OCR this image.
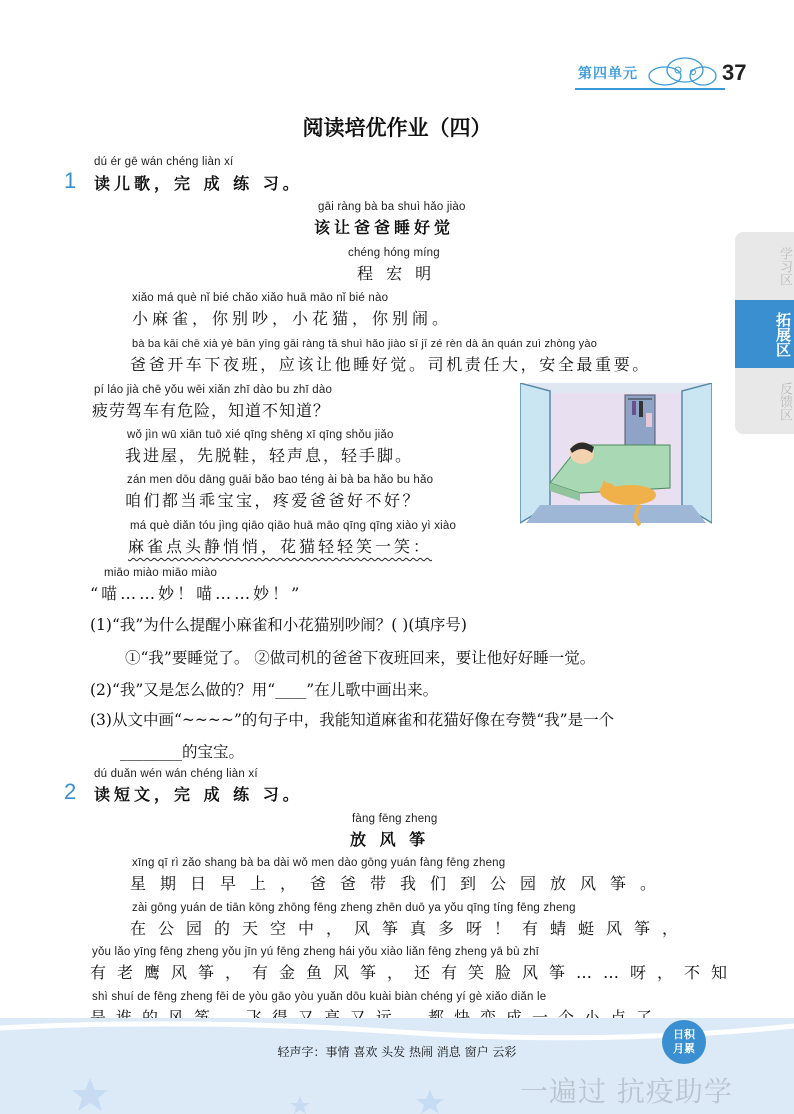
第四单元	37
阅读培优作业（四）
学习区
拓展区
反馈区
1
dú ér gē wán chéng liàn xí
读儿歌，完 成 练 习。
gāi ràng bà ba shuì hǎo jiào
该让爸爸睡好觉
chéng hóng míng
程 宏 明
xiǎo má què nǐ bié chǎo xiǎo huā māo nǐ bié nào
小麻雀，你别吵，小花猫，你别闹。
bà ba kāi chē xià yè bān yīng gāi ràng tā shuì hǎo jiào sī jī zé rèn dà ān quán zuì zhòng yào
爸爸开车下夜班，应该让他睡好觉。司机责任大，安全最重要。
pí láo jià chē yǒu wēi xiǎn zhī dào bu zhī dào
疲劳驾车有危险，知道不知道？
wǒ jìn wū xiān tuō xié qīng shēng xī qīng shǒu jiǎo
我进屋，先脱鞋，轻声息，轻手脚。
zán men dōu dāng guāi bǎo bao téng ài bà ba hǎo bu hǎo
咱们都当乖宝宝，疼爱爸爸好不好？
má què diǎn tóu jìng qiāo qiāo huā māo qīng qīng xiào yì xiào
麻雀点头静悄悄，花猫轻轻笑一笑：
miāo miào miāo miào
“喵……妙！喵……妙！”
(1)“我”为什么提醒小麻雀和小花猫别吵闹？( )(填序号)
①“我”要睡觉了。 ②做司机的爸爸下夜班回来，要让他好好睡一觉。
(2)“我”又是怎么做的？用“____”在儿歌中画出来。
(3)从文中画“~~~~”的句子中，我能知道麻雀和花猫好像在夸赞“我”是一个
________的宝宝。
2
dú duǎn wén wán chéng liàn xí
读短文，完 成 练 习。
fàng fēng zheng
放 风 筝
xīng qī rì zǎo shang bà ba dài wǒ men dào gōng yuán fàng fēng zheng
星期日早上，爸爸带我们到公园放风筝。
zài gōng yuán de tiān kōng zhōng fēng zheng zhēn duō ya yǒu qīng tíng fēng zheng
在公园的天空中，风筝真多呀！有蜻蜓风筝，
yǒu lǎo yīng fēng zheng yǒu jīn yú fēng zheng hái yǒu xiào liǎn fēng zheng yā bù zhī
有老鹰风筝，有金鱼风筝，还有笑脸风筝……呀，不知
shì shuí de fēng zheng fēi de yòu gāo yòu yuǎn dōu kuài biàn chéng yí gè xiǎo diǎn le
轻声字：事情 喜欢 头发 热闹 消息 窗户 云彩
日积
月累
一遍过 抗疫助学
